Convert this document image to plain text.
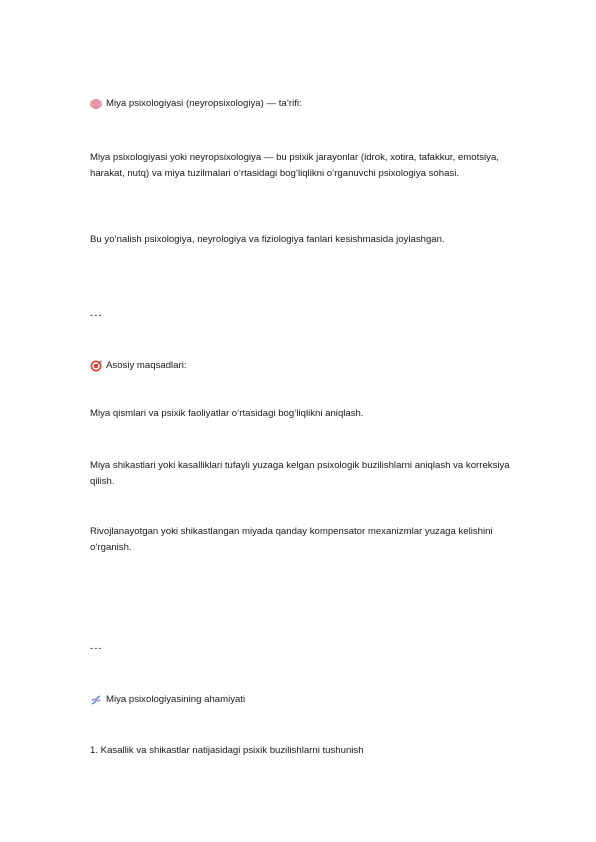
Miya psixologiyasi (neyropsixologiya) — ta’rifi:

Miya psixologiyasi yoki neyropsixologiya — bu psixik jarayonlar (idrok, xotira, tafakkur, emotsiya, harakat, nutq) va miya tuzilmalari o‘rtasidagi bog‘liqlikni o‘rganuvchi psixologiya sohasi.

Bu yo‘nalish psixologiya, neyrologiya va fiziologiya fanlari kesishmasida joylashgan.

---

Asosiy maqsadlari:

Miya qismlari va psixik faoliyatlar o‘rtasidagi bog‘liqlikni aniqlash.

Miya shikastlari yoki kasalliklari tufayli yuzaga kelgan psixologik buzilishlarni aniqlash va korreksiya qilish.

Rivojlanayotgan yoki shikastlangan miyada qanday kompensator mexanizmlar yuzaga kelishini o‘rganish.

---

Miya psixologiyasining ahamiyati

1. Kasallik va shikastlar natijasidagi psixik buzilishlarni tushunish
